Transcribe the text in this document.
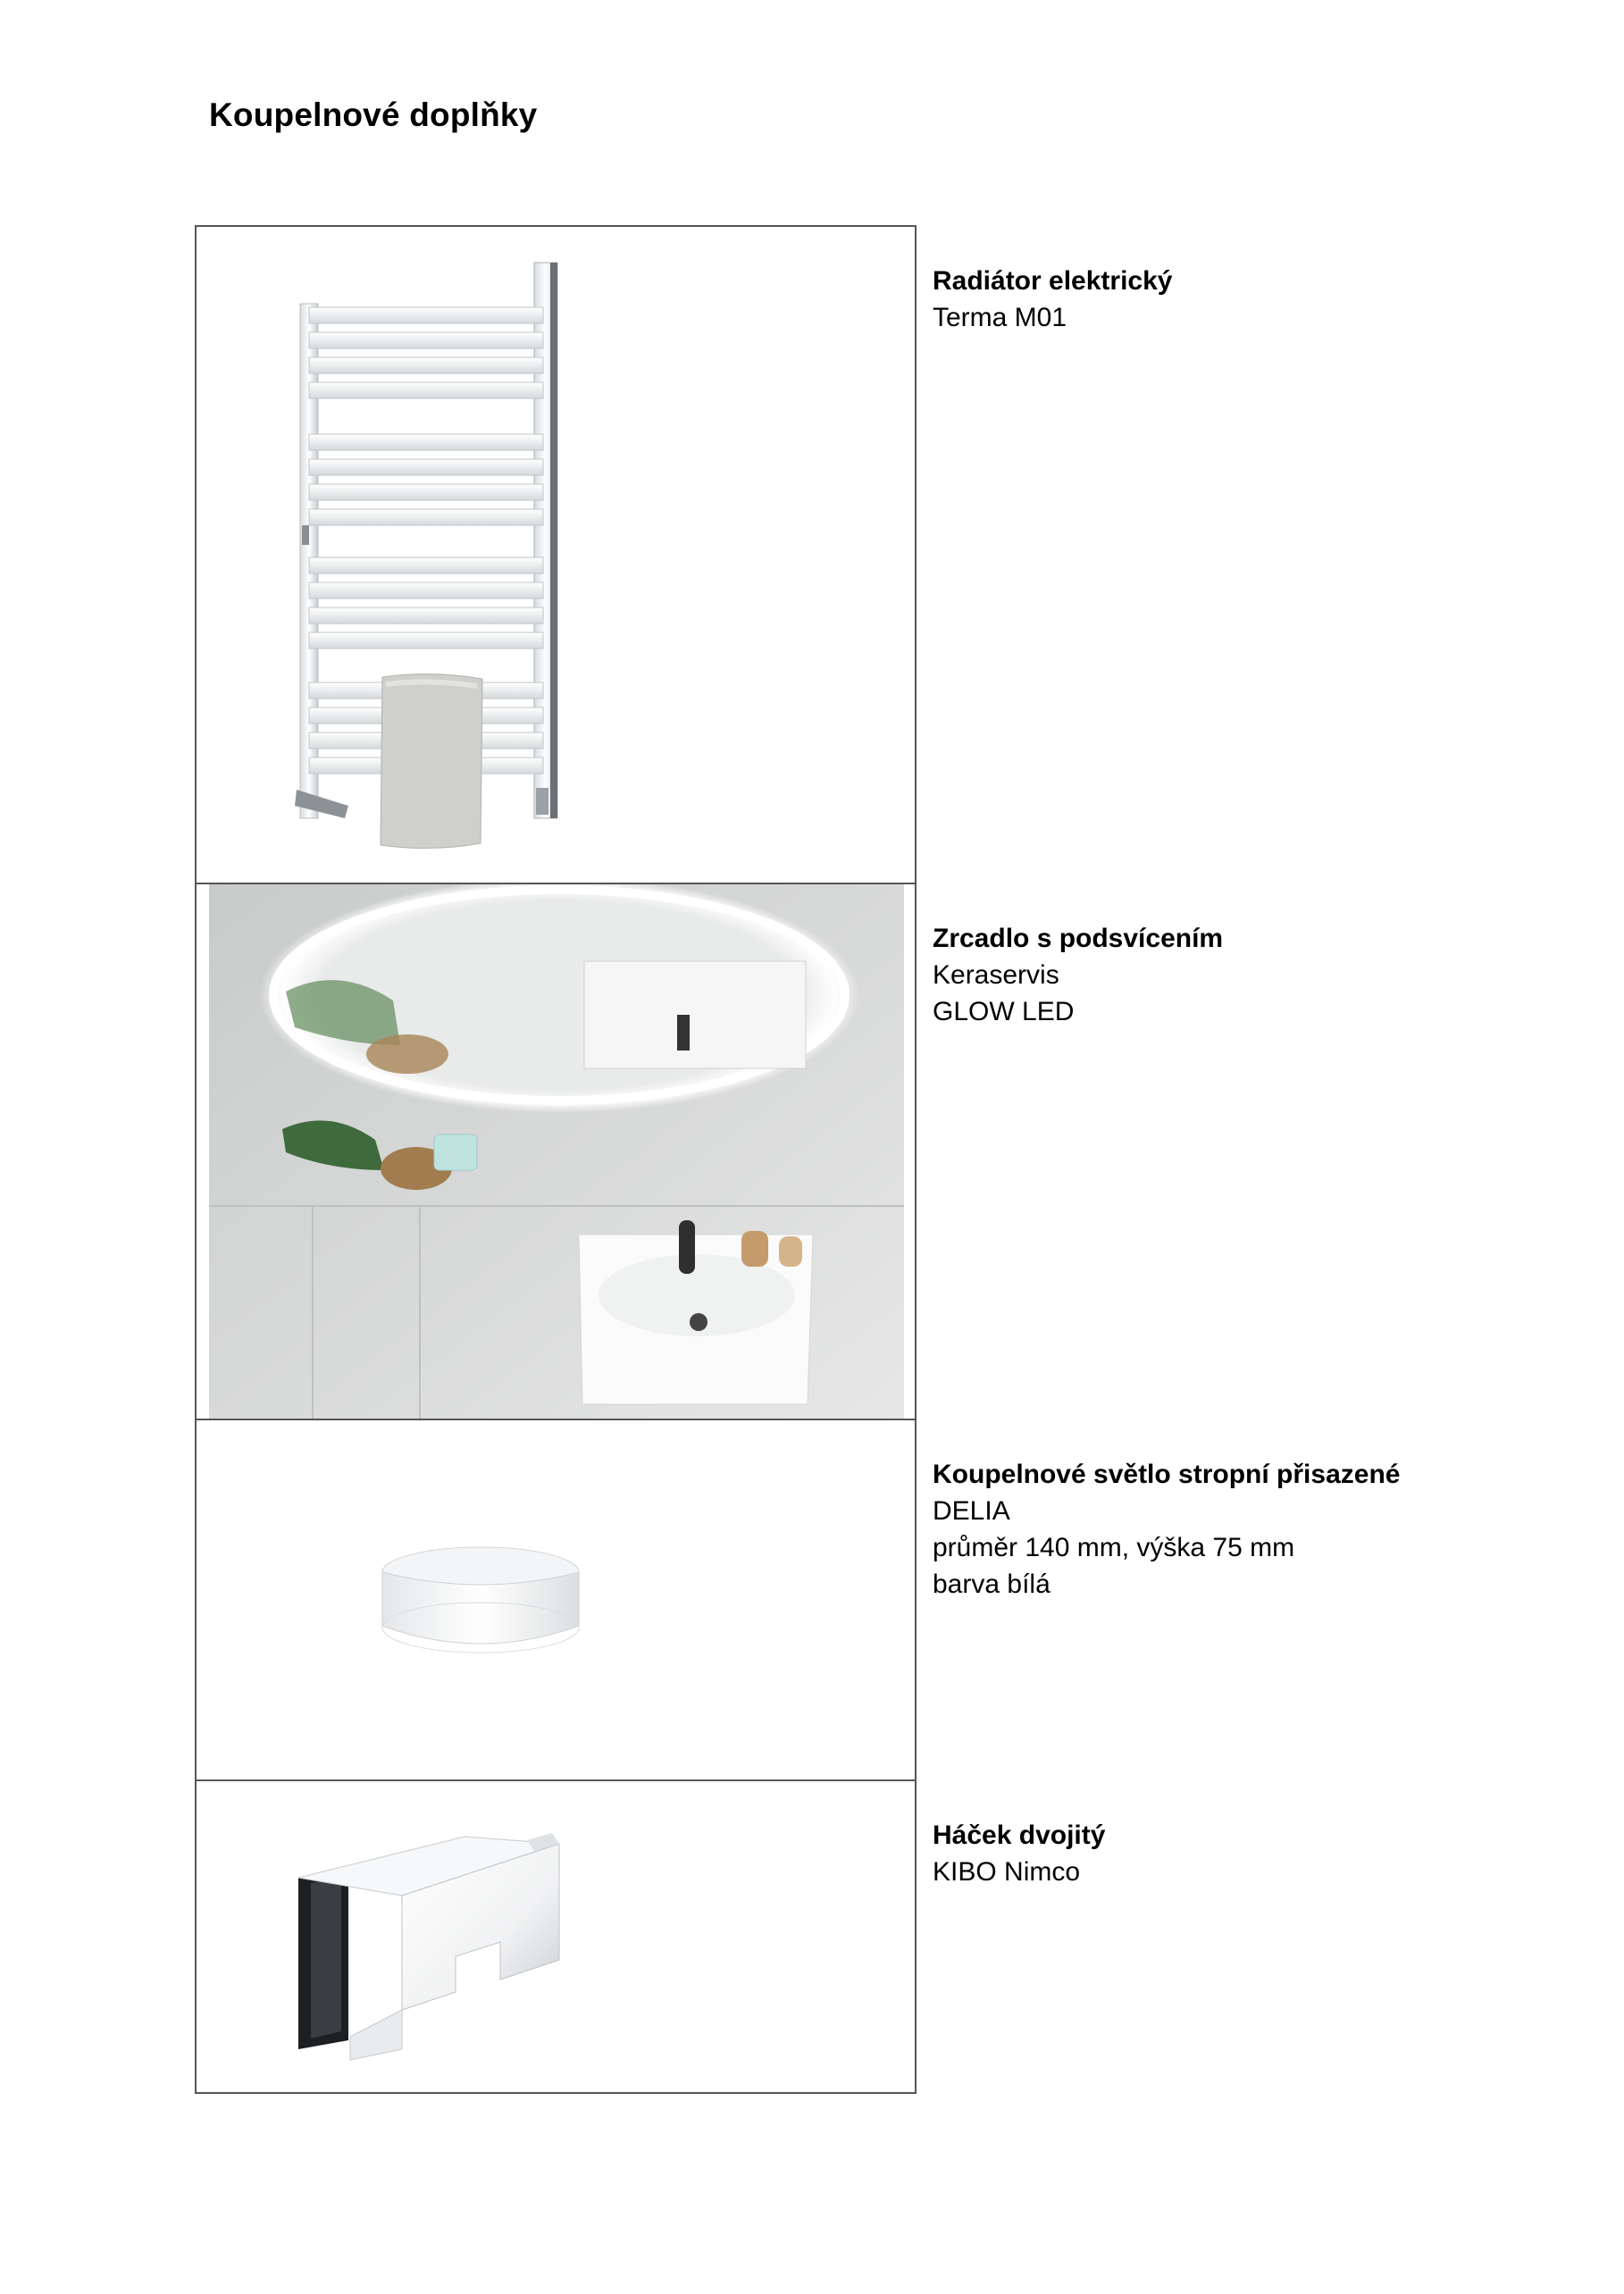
Koupelnové doplňky
Radiátor elektrický
Terma M01
Zrcadlo s podsvícením
Keraservis
GLOW LED
Koupelnové světlo stropní přisazené
DELIA
průměr 140 mm, výška 75 mm
barva bílá
Háček dvojitý
KIBO Nimco
